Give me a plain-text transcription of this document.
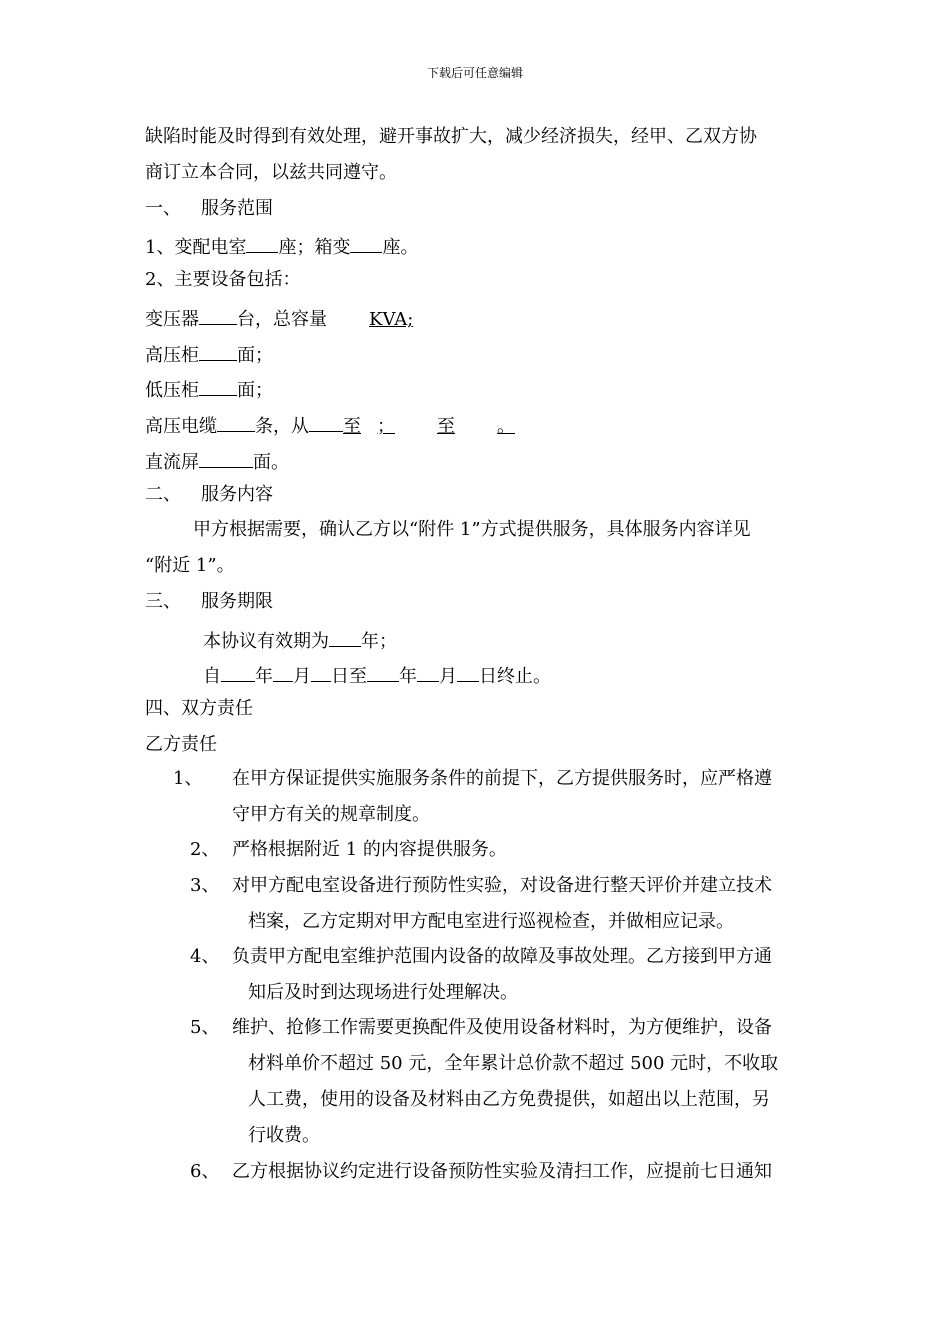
下载后可任意编辑
缺陷时能及时得到有效处理，避开事故扩大，减少经济损失，经甲、乙双方协
商订立本合同，以兹共同遵守。
一、 服务范围
1、变配电室 座；箱变 座。
2、主要设备包括：
变压器 台，总容量 KVA;
高压柜 面；
低压柜 面；
高压电缆 条，从 至 ； 至 。
直流屏	面。
二、 服务内容
甲方根据需要，确认乙方以“附件 1”方式提供服务，具体服务内容详见
“附近 1”。
三、 服务期限
本协议有效期为 年；
自 年 月 日至 年 月 日终止。
四、双方责任
乙方责任
1、 在甲方保证提供实施服务条件的前提下，乙方提供服务时，应严格遵
守甲方有关的规章制度。
2、 严格根据附近 1 的内容提供服务。
3、 对甲方配电室设备进行预防性实验，对设备进行整天评价并建立技术
档案，乙方定期对甲方配电室进行巡视检查，并做相应记录。
4、 负责甲方配电室维护范围内设备的故障及事故处理。乙方接到甲方通
知后及时到达现场进行处理解决。
5、 维护、抢修工作需要更换配件及使用设备材料时，为方便维护，设备
材料单价不超过 50 元，全年累计总价款不超过 500 元时，不收取
人工费，使用的设备及材料由乙方免费提供，如超出以上范围，另
行收费。
6、 乙方根据协议约定进行设备预防性实验及清扫工作，应提前七日通知
